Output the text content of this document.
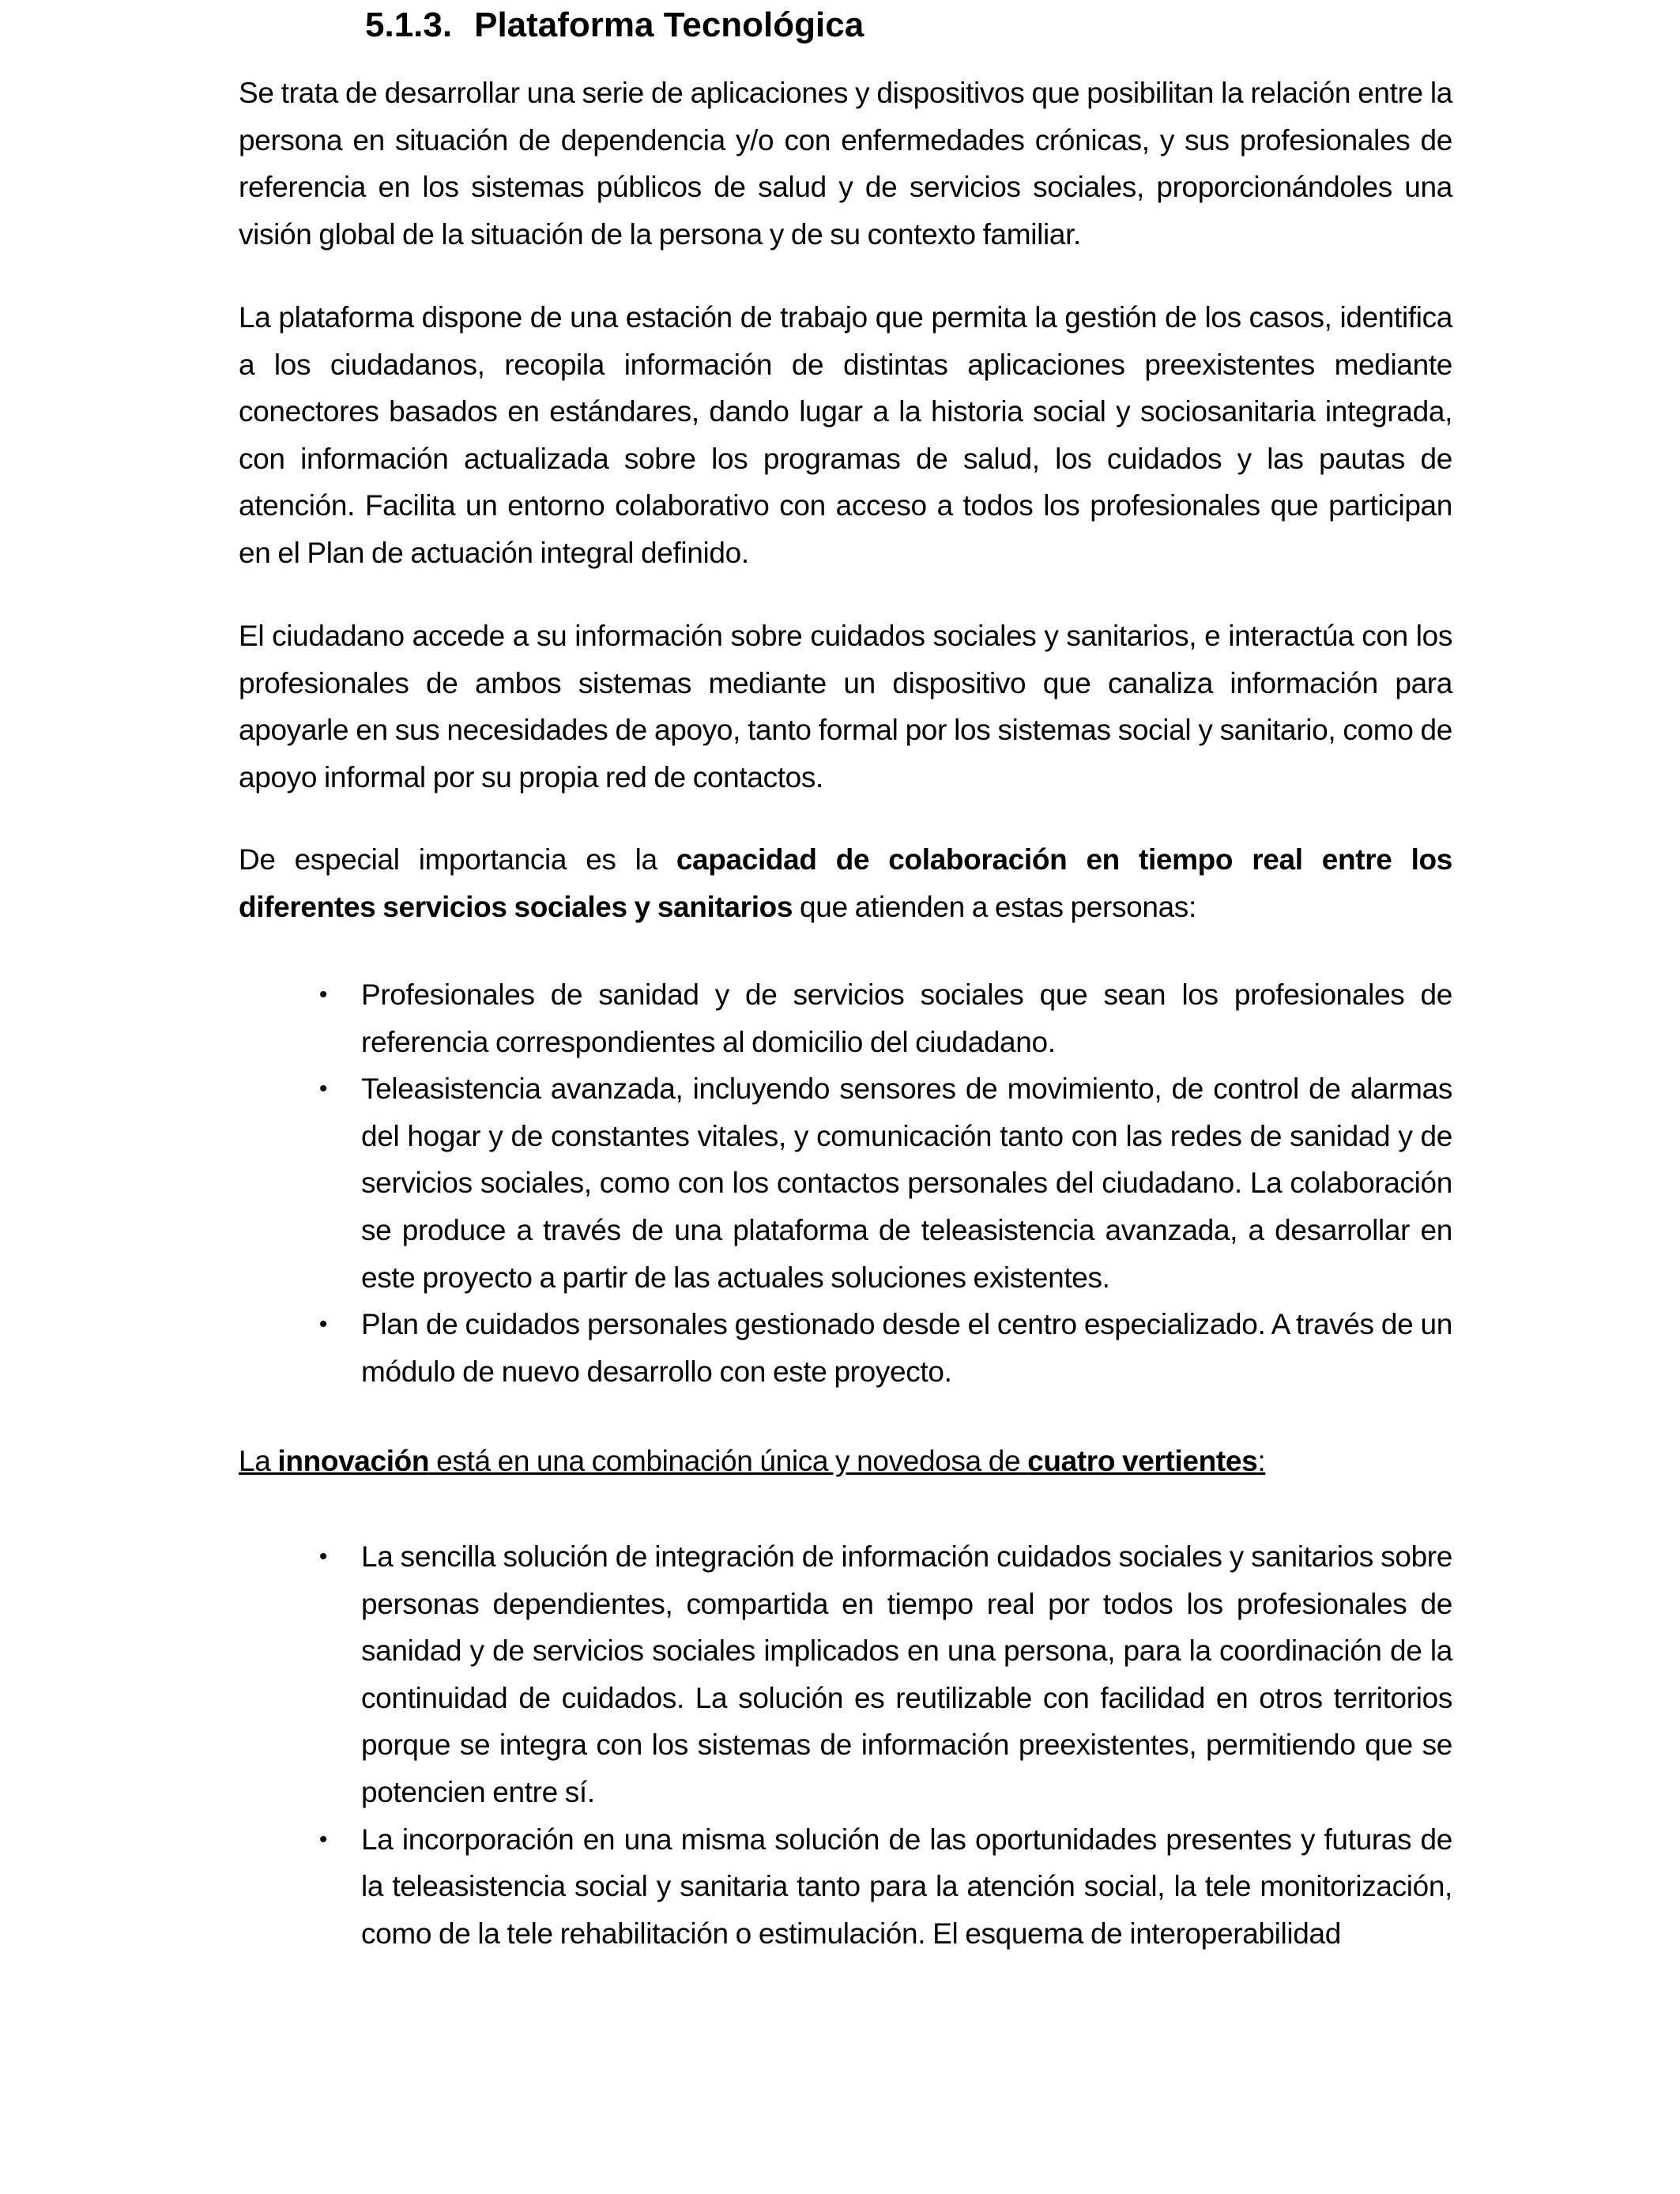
5.1.3. Plataforma Tecnológica

Se trata de desarrollar una serie de aplicaciones y dispositivos que posibilitan la relación entre la persona en situación de dependencia y/o con enfermedades crónicas, y sus profesionales de referencia en los sistemas públicos de salud y de servicios sociales, proporcionándoles una visión global de la situación de la persona y de su contexto familiar.

La plataforma dispone de una estación de trabajo que permita la gestión de los casos, identifica a los ciudadanos, recopila información de distintas aplicaciones preexistentes mediante conectores basados en estándares, dando lugar a la historia social y sociosanitaria integrada, con información actualizada sobre los programas de salud, los cuidados y las pautas de atención. Facilita un entorno colaborativo con acceso a todos los profesionales que participan en el Plan de actuación integral definido.

El ciudadano accede a su información sobre cuidados sociales y sanitarios, e interactúa con los profesionales de ambos sistemas mediante un dispositivo que canaliza información para apoyarle en sus necesidades de apoyo, tanto formal por los sistemas social y sanitario, como de apoyo informal por su propia red de contactos.

De especial importancia es la capacidad de colaboración en tiempo real entre los diferentes servicios sociales y sanitarios que atienden a estas personas:

• Profesionales de sanidad y de servicios sociales que sean los profesionales de referencia correspondientes al domicilio del ciudadano.
• Teleasistencia avanzada, incluyendo sensores de movimiento, de control de alarmas del hogar y de constantes vitales, y comunicación tanto con las redes de sanidad y de servicios sociales, como con los contactos personales del ciudadano. La colaboración se produce a través de una plataforma de teleasistencia avanzada, a desarrollar en este proyecto a partir de las actuales soluciones existentes.
• Plan de cuidados personales gestionado desde el centro especializado. A través de un módulo de nuevo desarrollo con este proyecto.

La innovación está en una combinación única y novedosa de cuatro vertientes:

• La sencilla solución de integración de información cuidados sociales y sanitarios sobre personas dependientes, compartida en tiempo real por todos los profesionales de sanidad y de servicios sociales implicados en una persona, para la coordinación de la continuidad de cuidados. La solución es reutilizable con facilidad en otros territorios porque se integra con los sistemas de información preexistentes, permitiendo que se potencien entre sí.
• La incorporación en una misma solución de las oportunidades presentes y futuras de la teleasistencia social y sanitaria tanto para la atención social, la tele monitorización, como de la tele rehabilitación o estimulación. El esquema de interoperabilidad
